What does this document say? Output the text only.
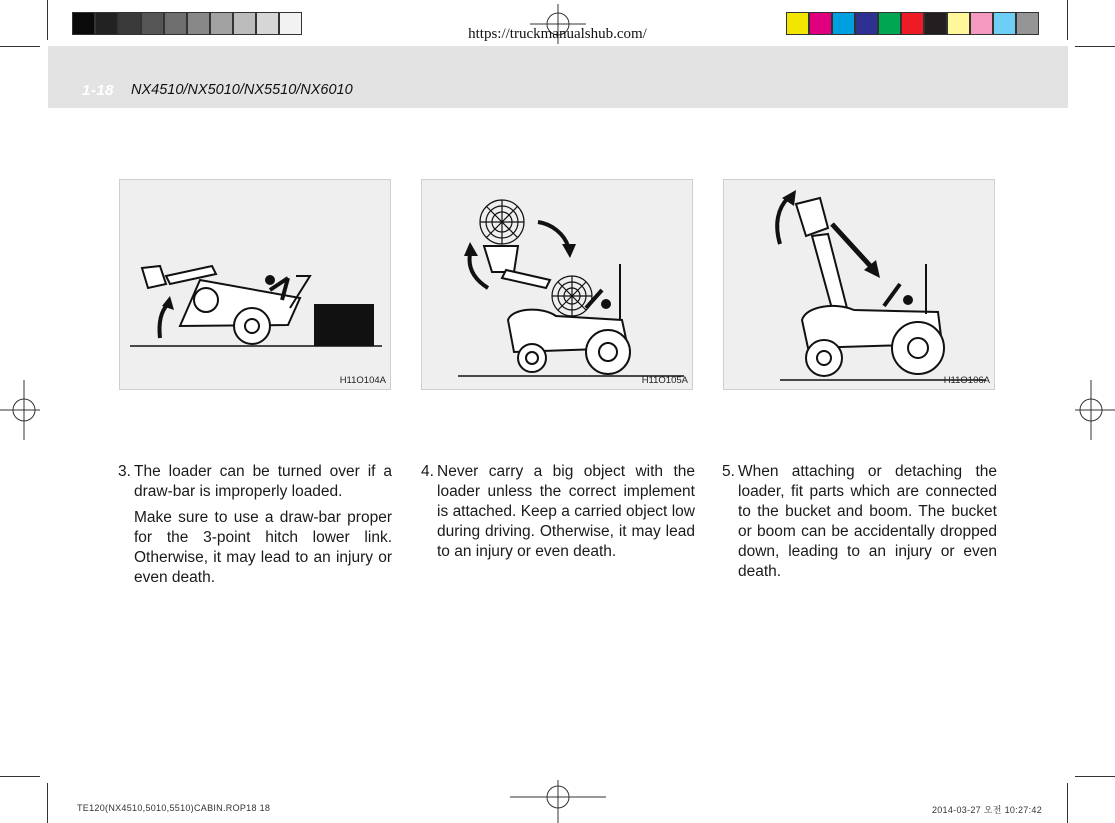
https://truckmanualshub.com/
1-18 NX4510/NX5010/NX5510/NX6010
H11O104A	H11O105A	H11O106A
3. The loader can be turned over if a draw-bar is improperly loaded.

Make sure to use a draw-bar proper for the 3-point hitch lower link. Otherwise, it may lead to an injury or even death.

4. Never carry a big object with the loader unless the correct implement is attached. Keep a carried object low during driving. Otherwise, it may lead to an injury or even death.

5. When attaching or detaching the loader, fit parts which are connected to the bucket and boom. The bucket or boom can be accidentally dropped down, leading to an injury or even death.

TE120(NX4510,5010,5510)CABIN.ROP18 18	2014-03-27 오전 10:27:42
